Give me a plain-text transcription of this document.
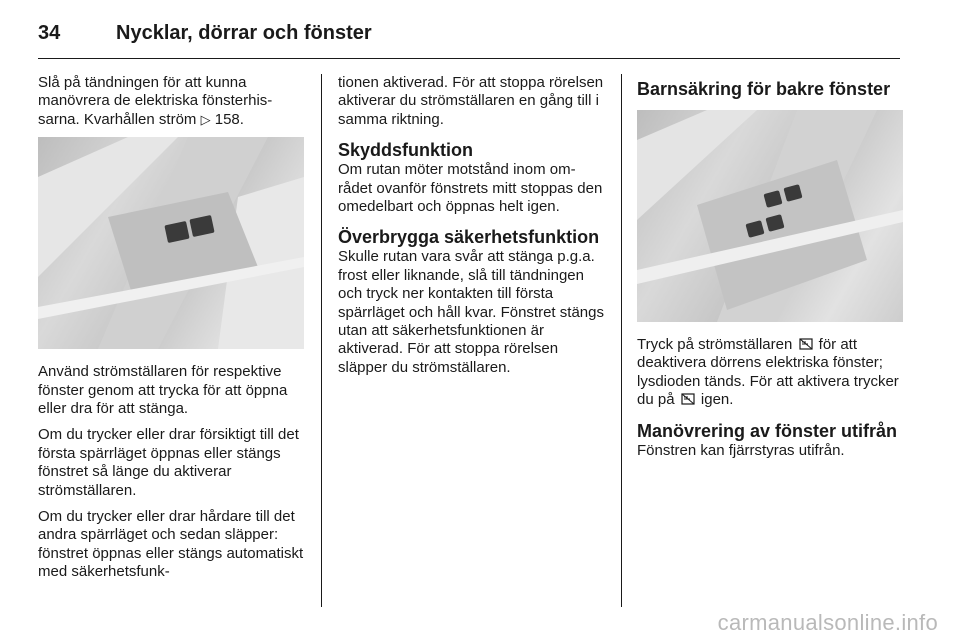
34	Nycklar, dörrar och fönster

Slå på tändningen för att kunna manövrera de elektriska fönsterhissarna. Kvarhållen ström ▷ 158.

Använd strömställaren för respektive fönster genom att trycka för att öppna eller dra för att stänga.

Om du trycker eller drar försiktigt till det första spärrläget öppnas eller stängs fönstret så länge du aktiverar strömställaren.

Om du trycker eller drar hårdare till det andra spärrläget och sedan släpper: fönstret öppnas eller stängs automatiskt med säkerhetsfunk-

tionen aktiverad. För att stoppa rörelsen aktiverar du strömställaren en gång till i samma riktning.

Skyddsfunktion

Om rutan möter motstånd inom området ovanför fönstrets mitt stoppas den omedelbart och öppnas helt igen.

Överbrygga säkerhetsfunktion

Skulle rutan vara svår att stänga p.g.a. frost eller liknande, slå till tändningen och tryck ner kontakten till första spärrläget och håll kvar. Fönstret stängs utan att säkerhetsfunktionen är aktiverad. För att stoppa rörelsen släpper du strömställaren.

Barnsäkring för bakre fönster

Tryck på strömställaren för att deaktivera dörrens elektriska fönster; lysdioden tänds. För att aktivera trycker du på igen.

Manövrering av fönster utifrån

Fönstren kan fjärrstyras utifrån.

carmanualsonline.info
